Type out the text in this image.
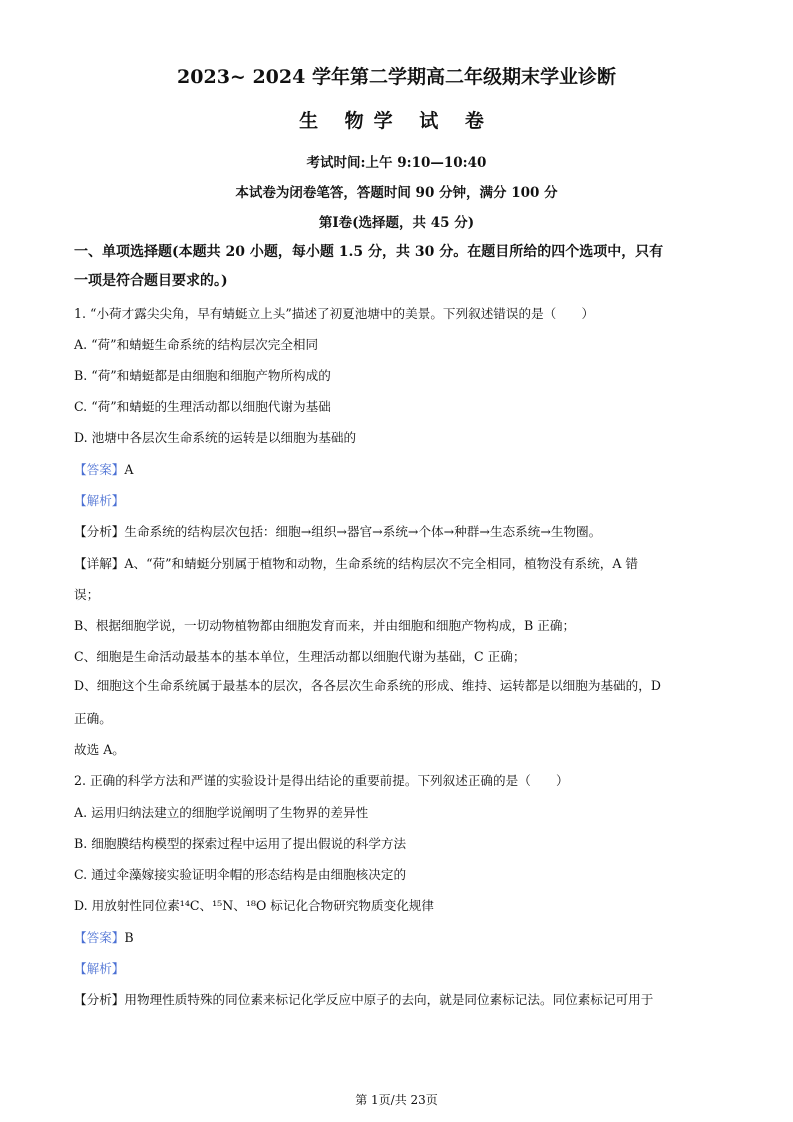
2023~ 2024 学年第二学期高二年级期末学业诊断
生 物学 试 卷
考试时间:上午 9:10—10:40
本试卷为闭卷笔答，答题时间 90 分钟，满分 100 分
第Ⅰ卷(选择题，共 45 分)
一、单项选择题(本题共 20 小题，每小题 1.5 分，共 30 分。在题目所给的四个选项中，只有
一项是符合题目要求的。)
1. “小荷才露尖尖角，早有蜻蜓立上头”描述了初夏池塘中的美景。下列叙述错误的是（　　）
A. “荷”和蜻蜓生命系统的结构层次完全相同
B. “荷”和蜻蜓都是由细胞和细胞产物所构成的
C. “荷”和蜻蜓的生理活动都以细胞代谢为基础
D. 池塘中各层次生命系统的运转是以细胞为基础的
【答案】A
【解析】
【分析】生命系统的结构层次包括：细胞→组织→器官→系统→个体→种群→生态系统→生物圈。
【详解】A、“荷”和蜻蜓分别属于植物和动物，生命系统的结构层次不完全相同，植物没有系统，A 错
误；
B、根据细胞学说，一切动物植物都由细胞发育而来，并由细胞和细胞产物构成，B 正确；
C、细胞是生命活动最基本的基本单位，生理活动都以细胞代谢为基础，C 正确；
D、细胞这个生命系统属于最基本的层次，各各层次生命系统的形成、维持、运转都是以细胞为基础的，D
正确。
故选 A。
2. 正确的科学方法和严谨的实验设计是得出结论的重要前提。下列叙述正确的是（　　）
A. 运用归纳法建立的细胞学说阐明了生物界的差异性
B. 细胞膜结构模型的探索过程中运用了提出假说的科学方法
C. 通过伞藻嫁接实验证明伞帽的形态结构是由细胞核决定的
D. 用放射性同位素¹⁴C、¹⁵N、¹⁸O 标记化合物研究物质变化规律
【答案】B
【解析】
【分析】用物理性质特殊的同位素来标记化学反应中原子的去向，就是同位素标记法。同位素标记可用于
第 1页/共 23页
